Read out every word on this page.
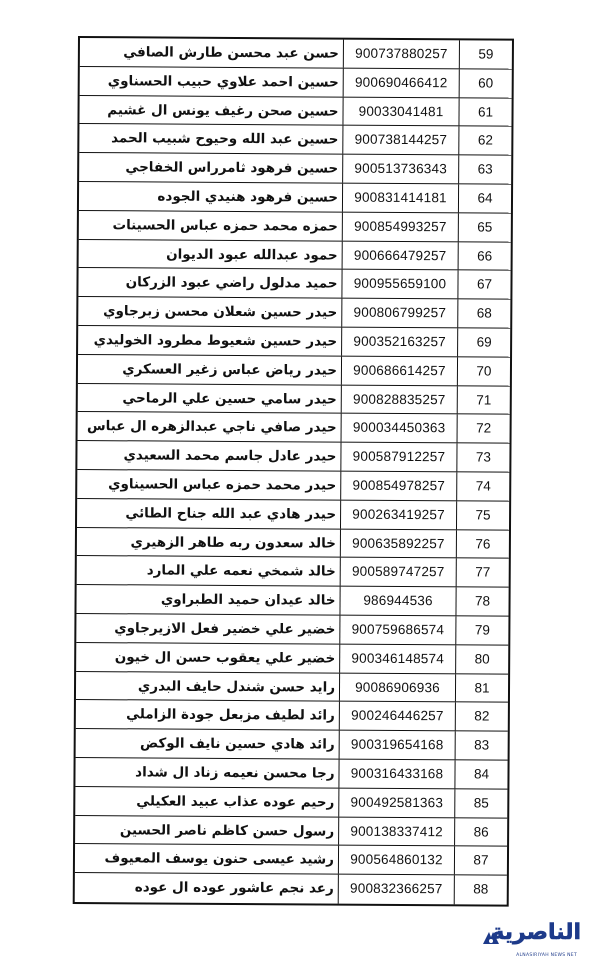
حسن عبد محسن طارش الصافي	900737880257	59
حسين احمد علاوي حبيب الحسناوي	900690466412	60
حسين صحن رغيف يونس ال غشيم	90033041481	61
حسين عبد الله وحيوح شبيب الحمد	900738144257	62
حسين فرهود ثامرراس الخفاجي	900513736343	63
حسين فرهود هنيدي الجوده	900831414181	64
حمزه محمد حمزه عباس الحسينات	900854993257	65
حمود عبدالله عبود الديوان	900666479257	66
حميد مدلول راضي عبود الزركان	900955659100	67
حيدر حسين شعلان محسن زبرجاوي	900806799257	68
حيدر حسين شعيوط مطرود الخوليدي	900352163257	69
حيدر رياض عباس زغير العسكري	900686614257	70
حيدر سامي حسين علي الرماحي	900828835257	71
حيدر صافي ناجي عبدالزهره ال عباس	900034450363	72
حيدر عادل جاسم محمد السعيدي	900587912257	73
حيدر محمد حمزه عباس الحسيناوي	900854978257	74
حيدر هادي عبد الله جناح الطائي	900263419257	75
خالد سعدون ربه طاهر الزهيري	900635892257	76
خالد شمخي نعمه علي المارد	900589747257	77
خالد عيدان حميد الطبراوي	986944536	78
خضير علي خضير فعل الازيرجاوي	900759686574	79
خضير علي يعقوب حسن ال خيون	900346148574	80
رايد حسن شندل حايف البدري	90086906936	81
رائد لطيف مزبعل جودة الزاملي	900246446257	82
رائد هادي حسين نايف الوكض	900319654168	83
رجا محسن نعيمه زناد ال شداد	900316433168	84
رحيم عوده عذاب عبيد العكيلي	900492581363	85
رسول حسن كاظم ناصر الحسين	900138337412	86
رشيد عيسى حنون يوسف المعيوف	900564860132	87
رعد نجم عاشور عوده ال عوده	900832366257	88
الناصرية
ALNASIRIYAH NEWS NET
